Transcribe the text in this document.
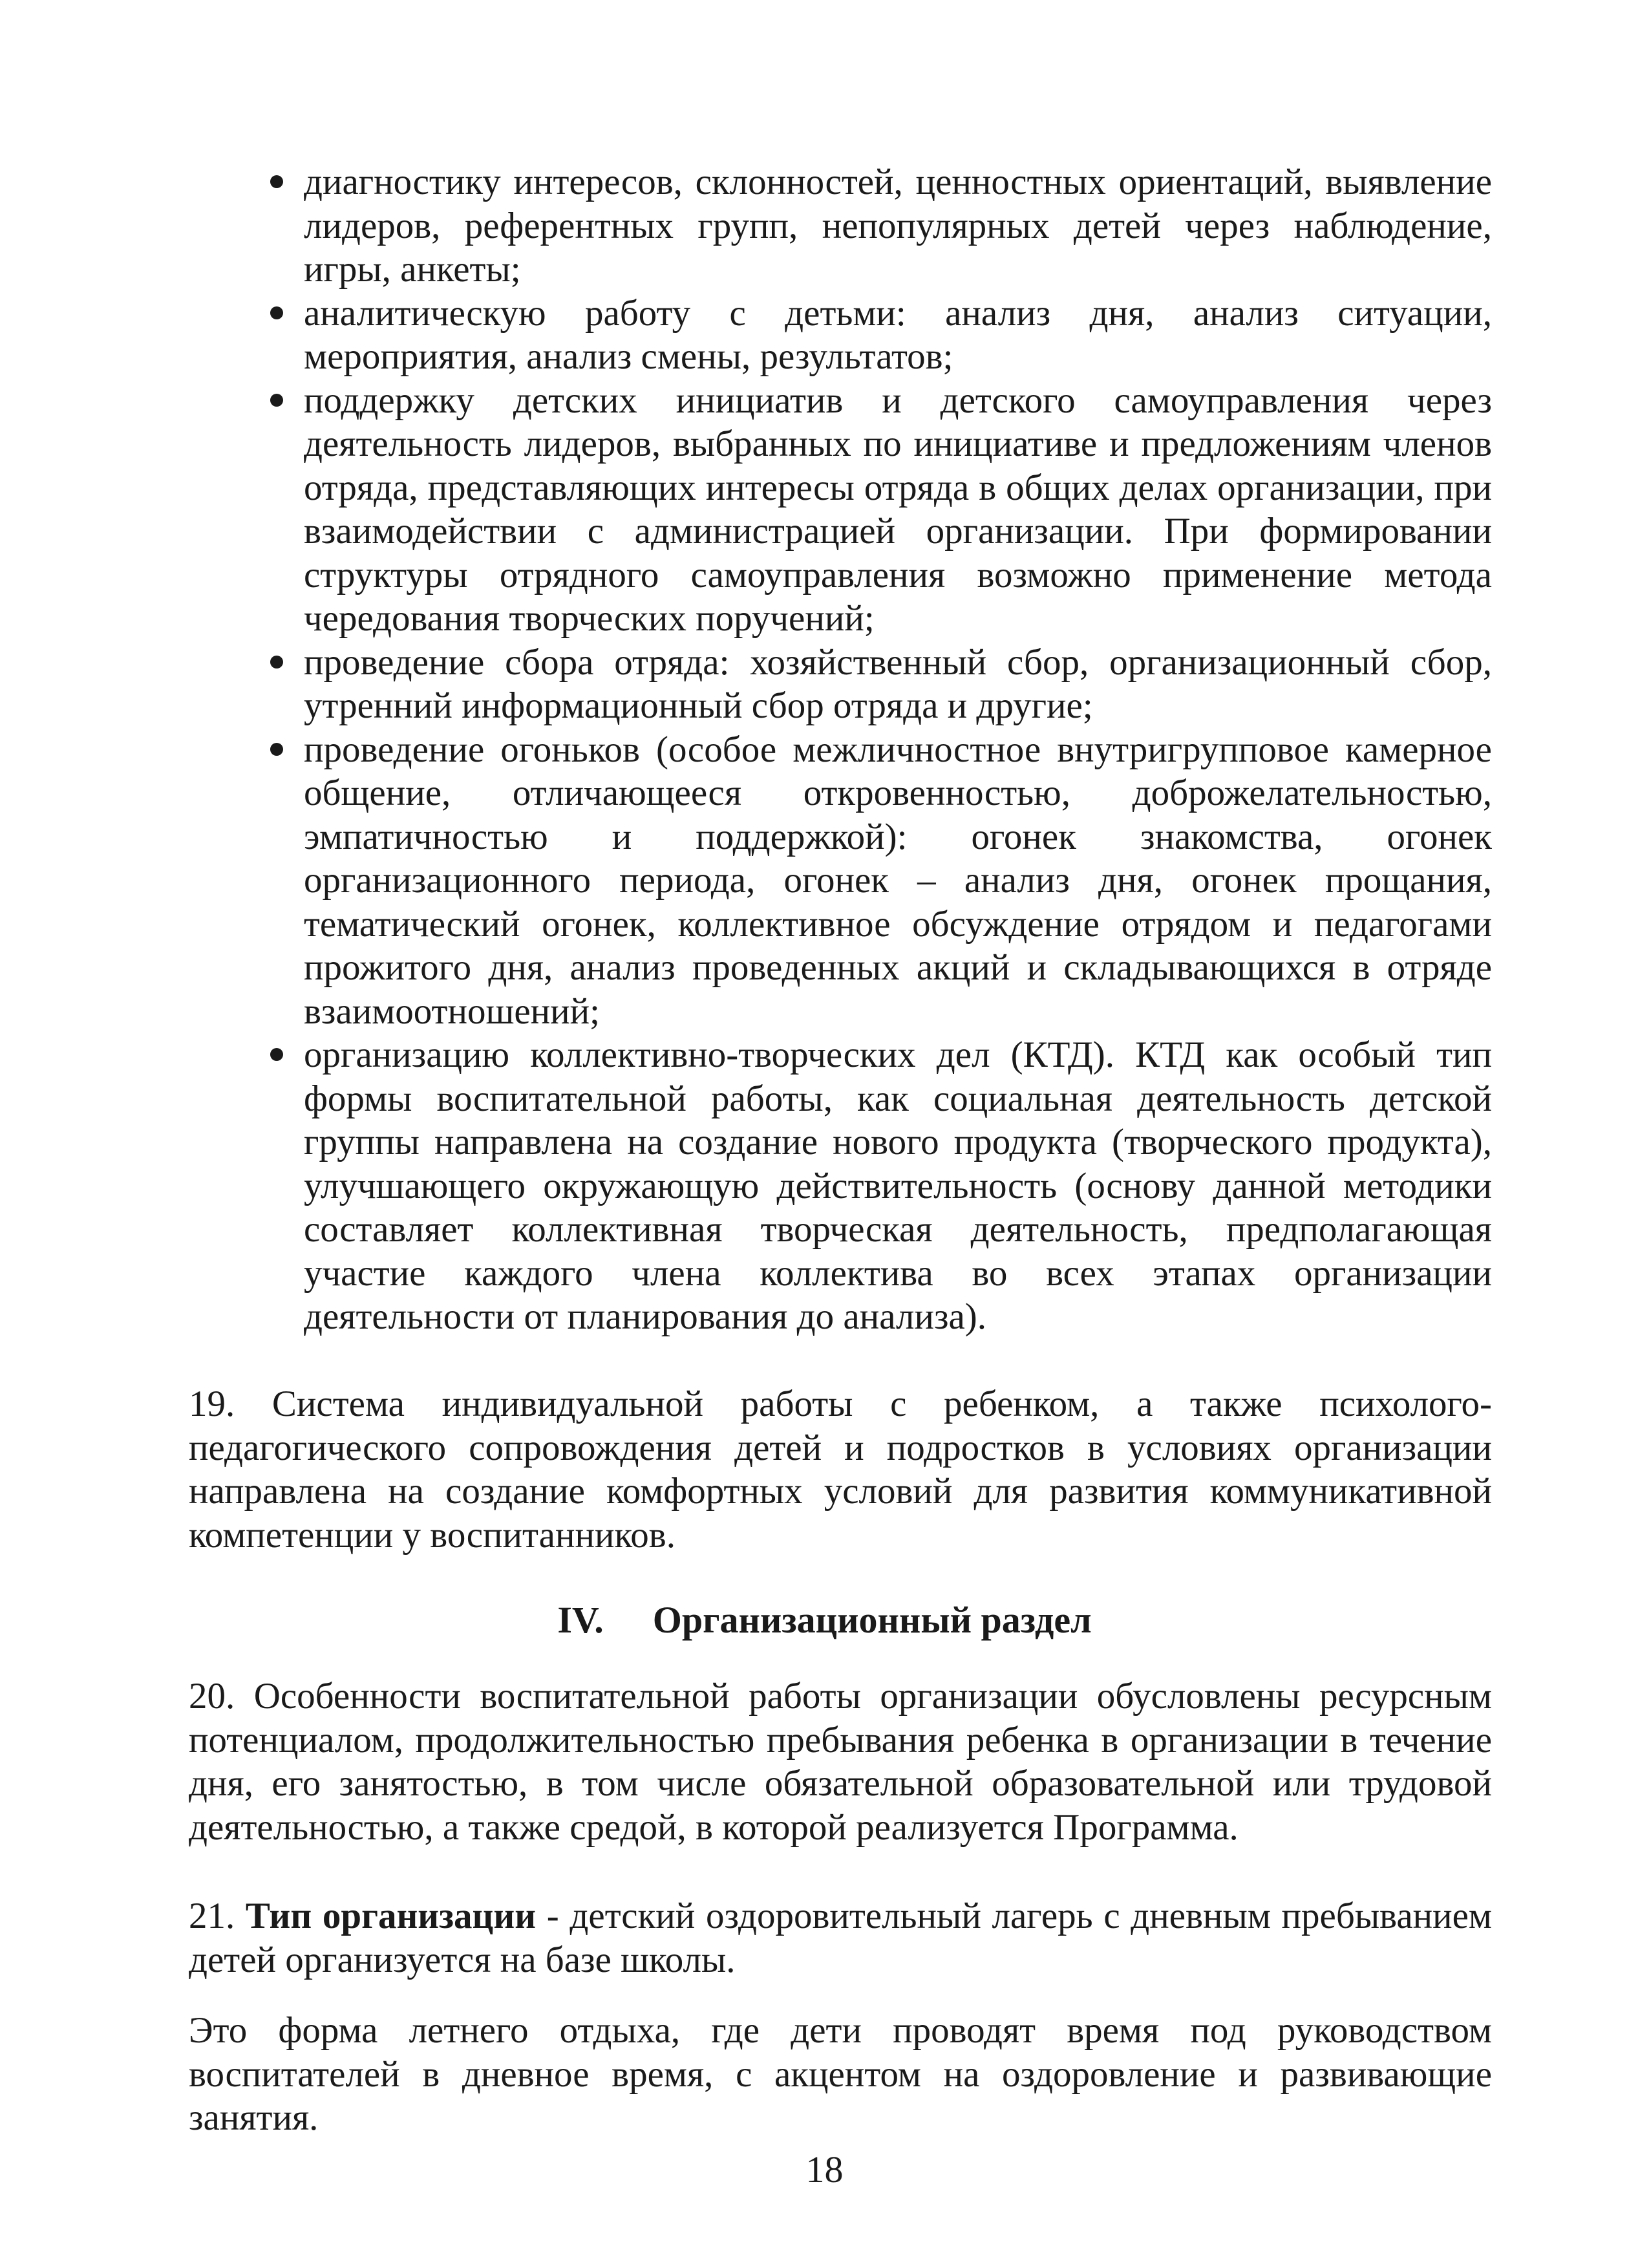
диагностику интересов, склонностей, ценностных ориентаций, выявление лидеров, референтных групп, непопулярных детей через наблюдение, игры, анкеты;
аналитическую работу с детьми: анализ дня, анализ ситуации, мероприятия, анализ смены, результатов;
поддержку детских инициатив и детского самоуправления через деятельность лидеров, выбранных по инициативе и предложениям членов отряда, представляющих интересы отряда в общих делах организации, при взаимодействии с администрацией организации. При формировании структуры отрядного самоуправления возможно применение метода чередования творческих поручений;
проведение сбора отряда: хозяйственный сбор, организационный сбор, утренний информационный сбор отряда и другие;
проведение огоньков (особое межличностное внутригрупповое камерное общение, отличающееся откровенностью, доброжелательностью, эмпатичностью и поддержкой): огонек знакомства, огонек организационного периода, огонек – анализ дня, огонек прощания, тематический огонек, коллективное обсуждение отрядом и педагогами прожитого дня, анализ проведенных акций и складывающихся в отряде взаимоотношений;
организацию коллективно-творческих дел (КТД). КТД как особый тип формы воспитательной работы, как социальная деятельность детской группы направлена на создание нового продукта (творческого продукта), улучшающего окружающую действительность (основу данной методики составляет коллективная творческая деятельность, предполагающая участие каждого члена коллектива во всех этапах организации деятельности от планирования до анализа).

19. Система индивидуальной работы с ребенком, а также психолого-педагогического сопровождения детей и подростков в условиях организации направлена на создание комфортных условий для развития коммуникативной компетенции у воспитанников.

IV. Организационный раздел

20. Особенности воспитательной работы организации обусловлены ресурсным потенциалом, продолжительностью пребывания ребенка в организации в течение дня, его занятостью, в том числе обязательной образовательной или трудовой деятельностью, а также средой, в которой реализуется Программа.

21. Тип организации - детский оздоровительный лагерь с дневным пребыванием детей организуется на базе школы.

Это форма летнего отдыха, где дети проводят время под руководством воспитателей в дневное время, с акцентом на оздоровление и развивающие занятия.

18
